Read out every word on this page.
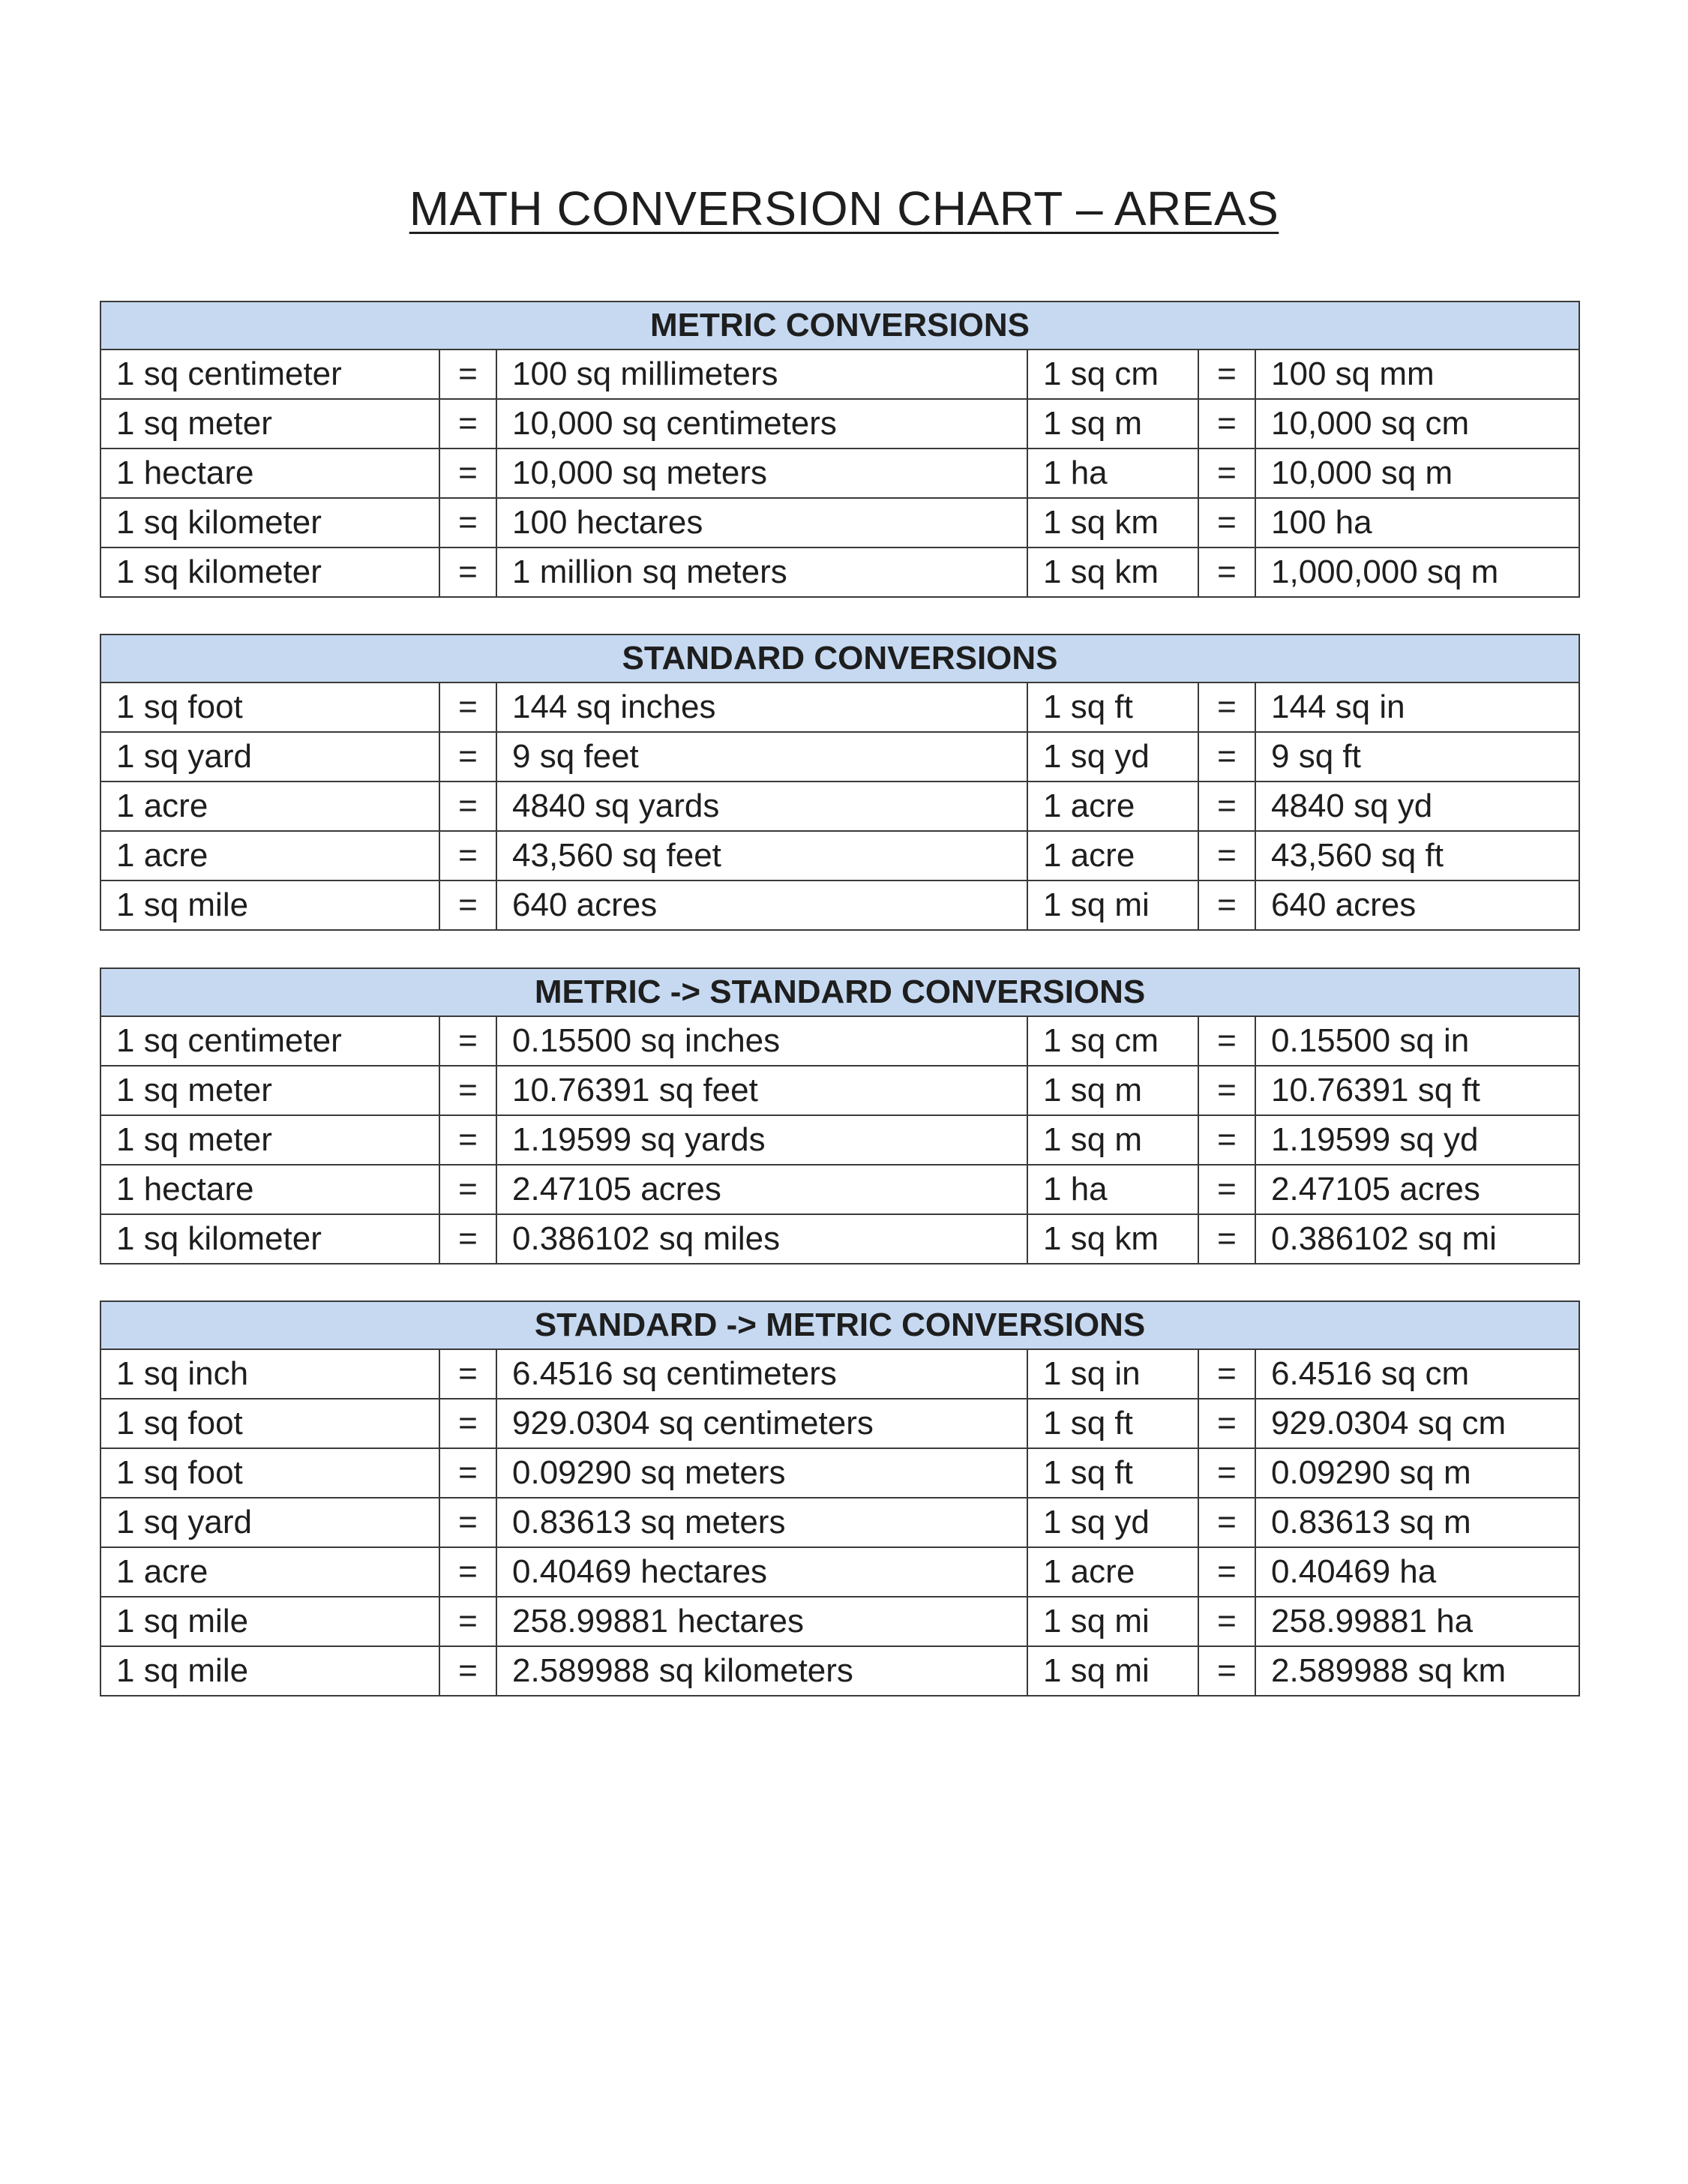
MATH CONVERSION CHART – AREAS
METRIC CONVERSIONS					
1 sq centimeter	=	100 sq millimeters	1 sq cm	=	100 sq mm
1 sq meter	=	10,000 sq centimeters	1 sq m	=	10,000 sq cm
1 hectare	=	10,000 sq meters	1 ha	=	10,000 sq m
1 sq kilometer	=	100 hectares	1 sq km	=	100 ha
1 sq kilometer	=	1 million sq meters	1 sq km	=	1,000,000 sq m
STANDARD CONVERSIONS					
1 sq foot	=	144 sq inches	1 sq ft	=	144 sq in
1 sq yard	=	9 sq feet	1 sq yd	=	9 sq ft
1 acre	=	4840 sq yards	1 acre	=	4840 sq yd
1 acre	=	43,560 sq feet	1 acre	=	43,560 sq ft
1 sq mile	=	640 acres	1 sq mi	=	640 acres
METRIC -> STANDARD CONVERSIONS					
1 sq centimeter	=	0.15500 sq inches	1 sq cm	=	0.15500 sq in
1 sq meter	=	10.76391 sq feet	1 sq m	=	10.76391 sq ft
1 sq meter	=	1.19599 sq yards	1 sq m	=	1.19599 sq yd
1 hectare	=	2.47105 acres	1 ha	=	2.47105 acres
1 sq kilometer	=	0.386102 sq miles	1 sq km	=	0.386102 sq mi
STANDARD -> METRIC CONVERSIONS					
1 sq inch	=	6.4516 sq centimeters	1 sq in	=	6.4516 sq cm
1 sq foot	=	929.0304 sq centimeters	1 sq ft	=	929.0304 sq cm
1 sq foot	=	0.09290 sq meters	1 sq ft	=	0.09290 sq m
1 sq yard	=	0.83613 sq meters	1 sq yd	=	0.83613 sq m
1 acre	=	0.40469 hectares	1 acre	=	0.40469 ha
1 sq mile	=	258.99881 hectares	1 sq mi	=	258.99881 ha
1 sq mile	=	2.589988 sq kilometers	1 sq mi	=	2.589988 sq km
